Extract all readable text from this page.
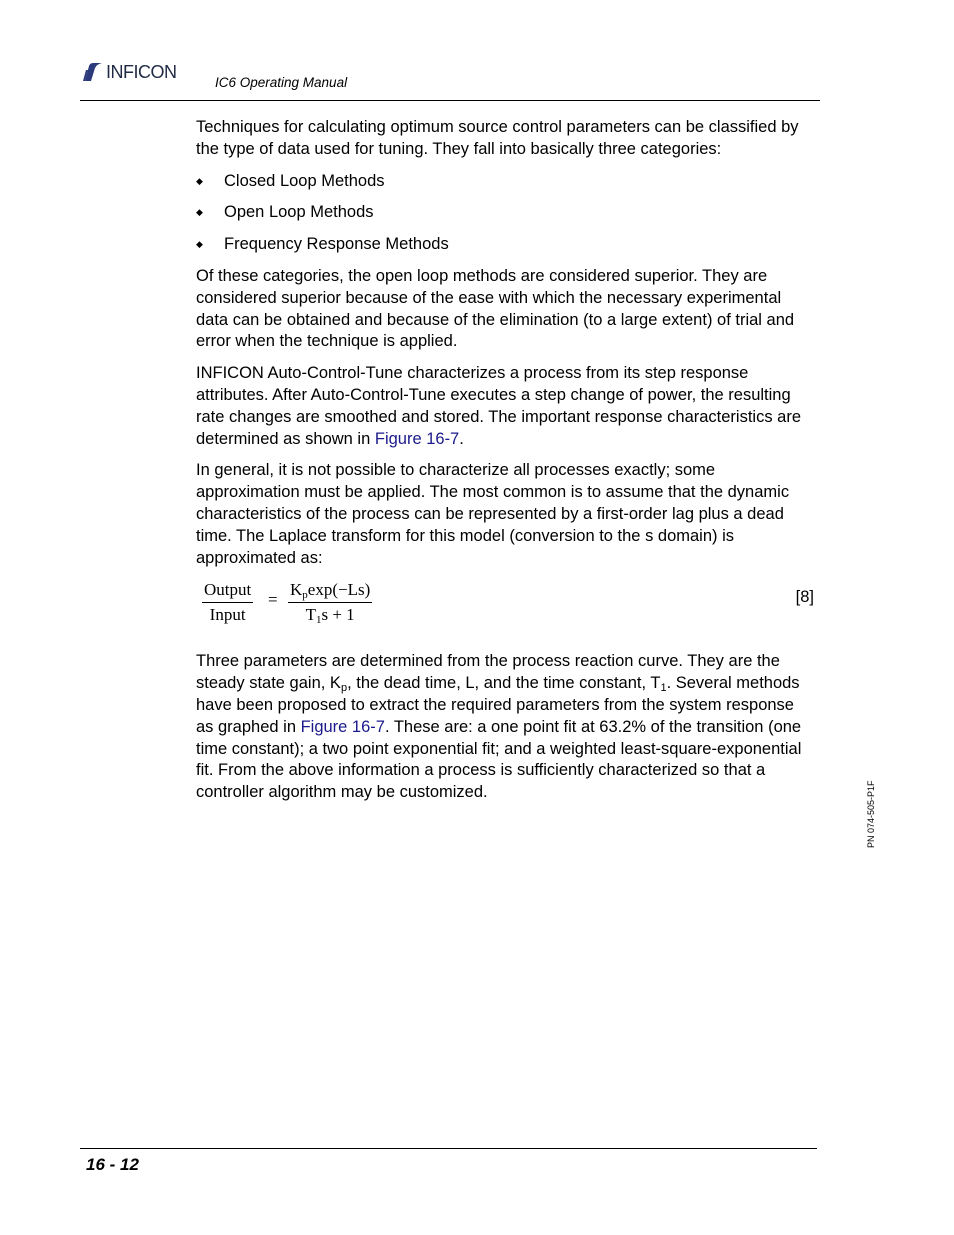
INFICON
IC6 Operating Manual

Techniques for calculating optimum source control parameters can be classified by the type of data used for tuning. They fall into basically three categories:

◆ Closed Loop Methods
◆ Open Loop Methods
◆ Frequency Response Methods

Of these categories, the open loop methods are considered superior. They are considered superior because of the ease with which the necessary experimental data can be obtained and because of the elimination (to a large extent) of trial and error when the technique is applied.

INFICON Auto-Control-Tune characterizes a process from its step response attributes. After Auto-Control-Tune executes a step change of power, the resulting rate changes are smoothed and stored. The important response characteristics are determined as shown in Figure 16-7.

In general, it is not possible to characterize all processes exactly; some approximation must be applied. The most common is to assume that the dynamic characteristics of the process can be represented by a first-order lag plus a dead time. The Laplace transform for this model (conversion to the s domain) is approximated as:

Output
Input
= $\frac{K_p\exp(-Ls)}{T_1s + 1}$	[8]

Three parameters are determined from the process reaction curve. They are the steady state gain, $K_p$, the dead time, L, and the time constant, $T_1$. Several methods have been proposed to extract the required parameters from the system response as graphed in Figure 16-7. These are: a one point fit at 63.2% of the transition (one time constant); a two point exponential fit; and a weighted least-square-exponential fit. From the above information a process is sufficiently characterized so that a controller algorithm may be customized.	PN 074-505-P1F
16 - 12
